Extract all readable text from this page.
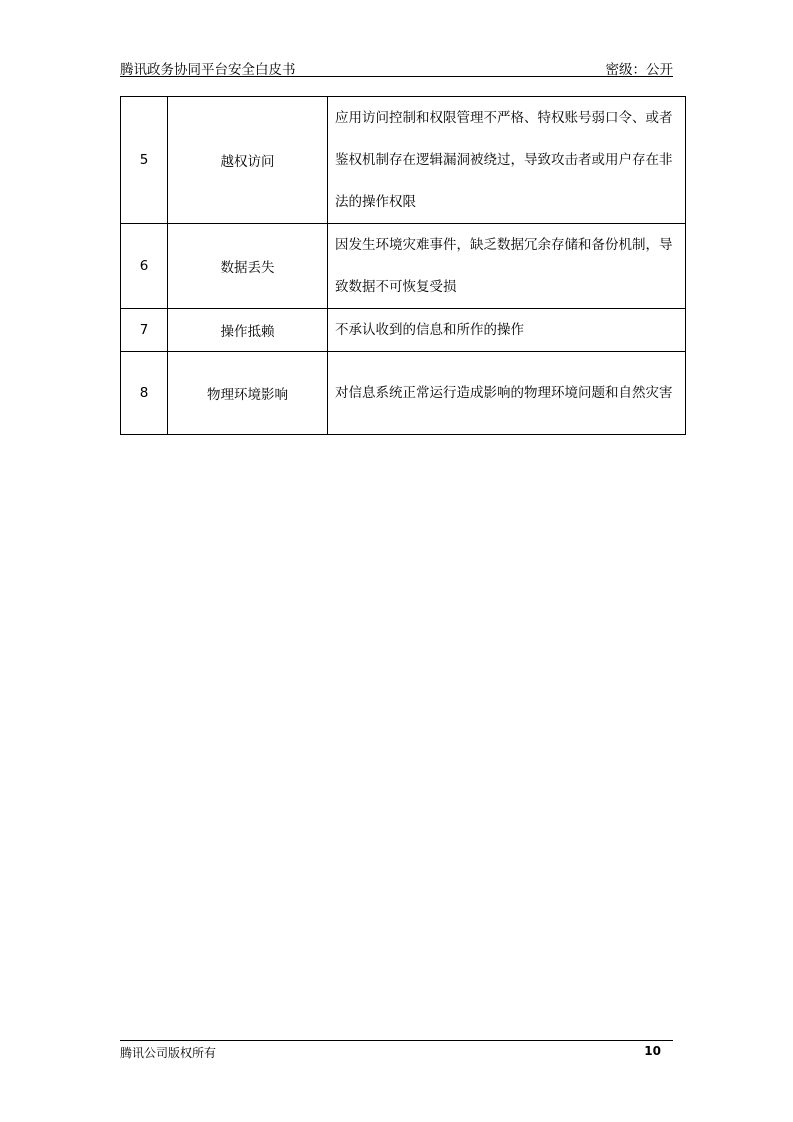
腾讯政务协同平台安全白皮书	密级：公开
5	越权访问	应用访问控制和权限管理不严格、特权账号弱口令、或者鉴权机制存在逻辑漏洞被绕过，导致攻击者或用户存在非法的操作权限
6	数据丢失	因发生环境灾难事件，缺乏数据冗余存储和备份机制，导致数据不可恢复受损
7	操作抵赖	不承认收到的信息和所作的操作
8	物理环境影响	对信息系统正常运行造成影响的物理环境问题和自然灾害
腾讯公司版权所有	10
